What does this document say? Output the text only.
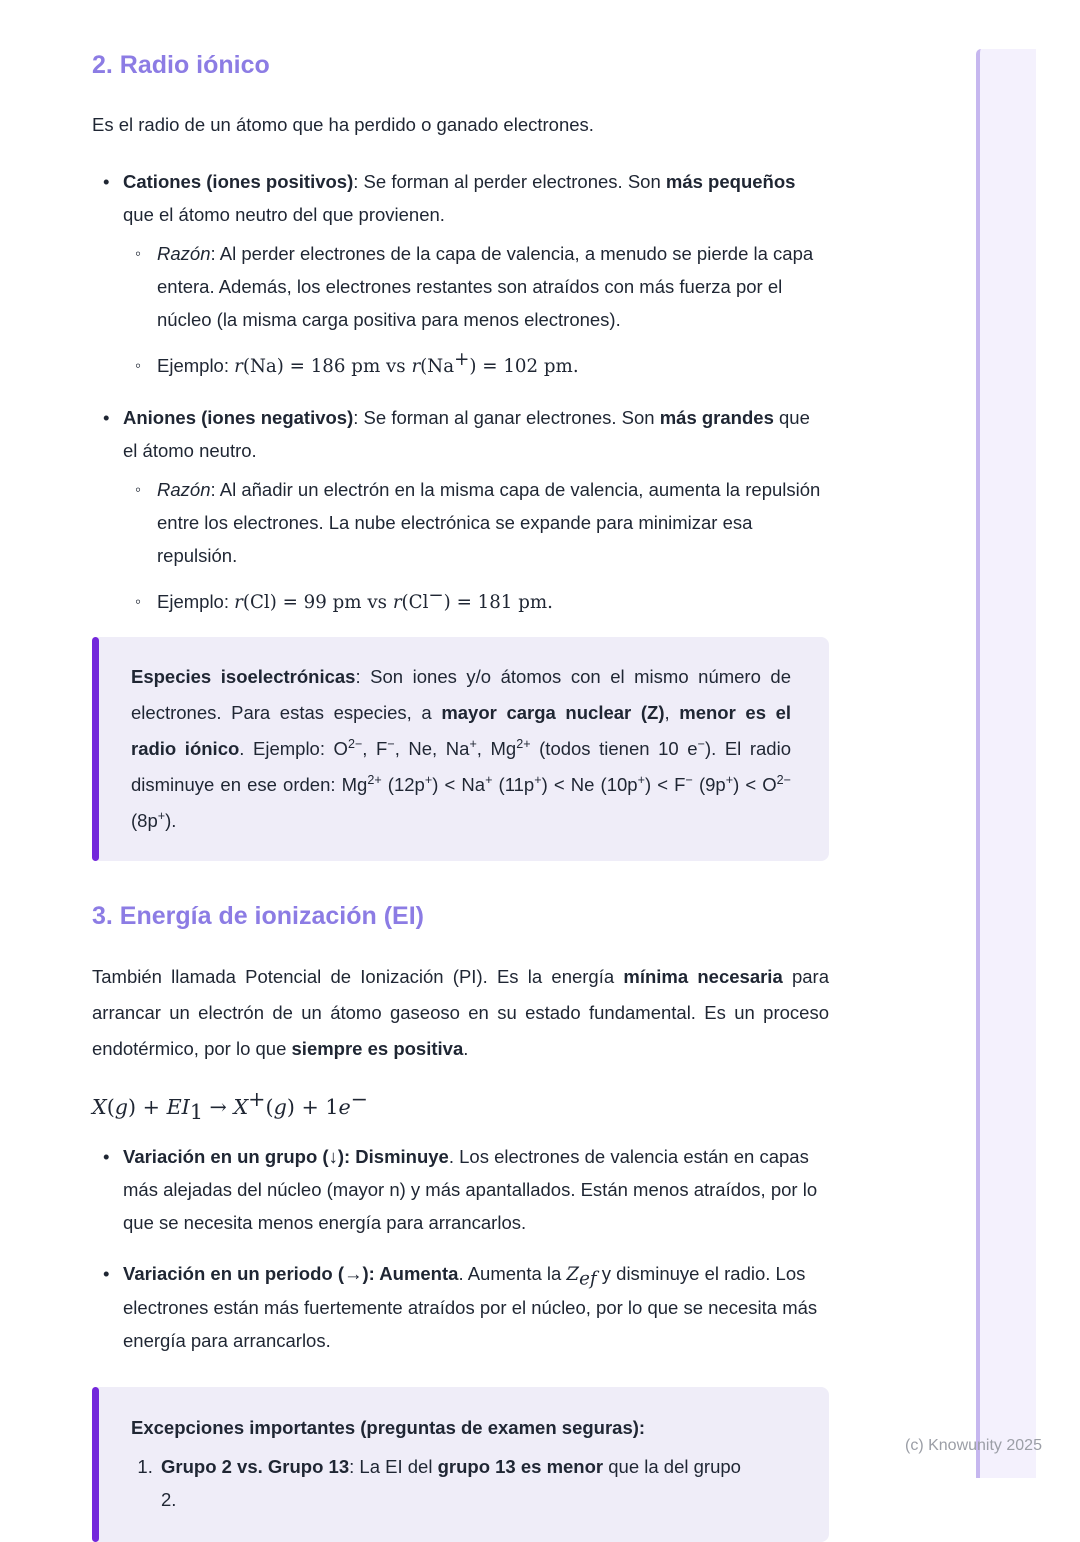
2. Radio iónico

Es el radio de un átomo que ha perdido o ganado electrones.

• Cationes (iones positivos): Se forman al perder electrones. Son más pequeños que el átomo neutro del que provienen.
◦ Razón: Al perder electrones de la capa de valencia, a menudo se pierde la capa entera. Además, los electrones restantes son atraídos con más fuerza por el núcleo (la misma carga positiva para menos electrones).
◦ Ejemplo: r(Na) = 186 pm vs r(Na+) = 102 pm.
• Aniones (iones negativos): Se forman al ganar electrones. Son más grandes que el átomo neutro.
◦ Razón: Al añadir un electrón en la misma capa de valencia, aumenta la repulsión entre los electrones. La nube electrónica se expande para minimizar esa repulsión.
◦ Ejemplo: r(Cl) = 99 pm vs r(Cl−) = 181 pm.

Especies isoelectrónicas: Son iones y/o átomos con el mismo número de electrones. Para estas especies, a mayor carga nuclear (Z), menor es el radio iónico. Ejemplo: $O^{2-}$, F−, Ne, Na+, $Mg^{2+}$ (todos tienen 10 e−). El radio disminuye en ese orden: $Mg^{2+}$ (12p+) < Na+ (11p+) < Ne (10p+) < F− $(9p^+) < O^{2-}$ (8p+).

3. Energía de ionización (EI)

También llamada Potencial de Ionización (PI). Es la energía mínima necesaria para arrancar un electrón de un átomo gaseoso en su estado fundamental. Es un proceso endotérmico, por lo que siempre es positiva.

$X(g) + EI_1 \to X^+(g) + 1e^-$

• Variación en un grupo (↓): Disminuye. Los electrones de valencia están en capas más alejadas del núcleo (mayor n) y más apantallados. Están menos atraídos, por lo que se necesita menos energía para arrancarlos.
• Variación en un periodo (→): Aumenta. Aumenta la $Z_{ef}$ y disminuye el radio. Los electrones están más fuertemente atraídos por el núcleo, por lo que se necesita más energía para arrancarlos.

Excepciones importantes (preguntas de examen seguras):

1. Grupo 2 vs. Grupo 13: La EI del grupo 13 es menor que la del grupo
2.
(c) Knowunity 2025
